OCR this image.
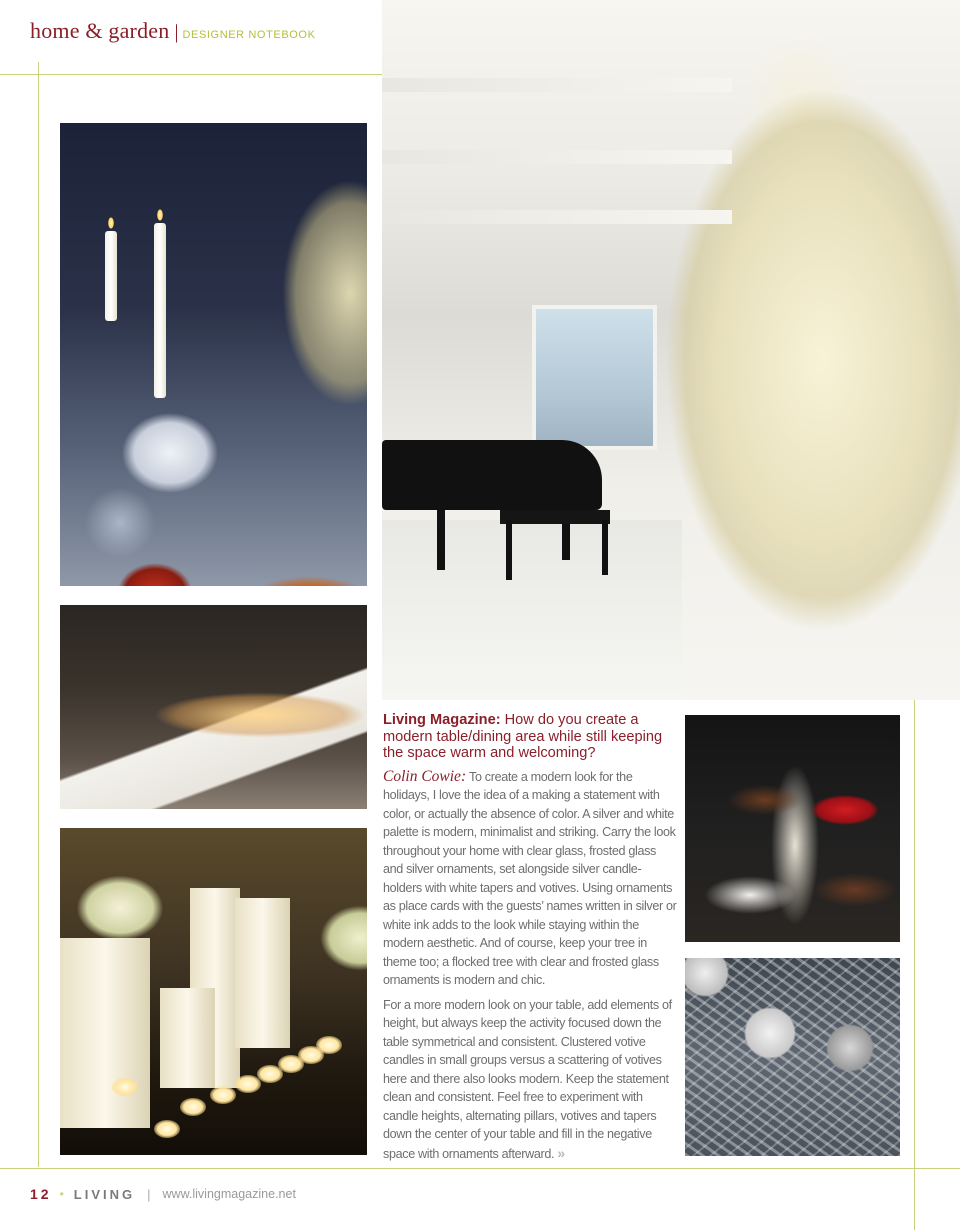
home & garden | DESIGNER NOTEBOOK

Living Magazine: How do you create a modern table/dining area while still keeping the space warm and welcoming?

Colin Cowie: To create a modern look for the holidays, I love the idea of a making a statement with color, or actually the absence of color. A silver and white palette is modern, minimalist and striking. Carry the look throughout your home with clear glass, frosted glass and silver ornaments, set alongside silver candle-holders with white tapers and votives. Using ornaments as place cards with the guests’ names written in silver or white ink adds to the look while staying within the modern aesthetic. And of course, keep your tree in theme too; a flocked tree with clear and frosted glass ornaments is modern and chic.

For a more modern look on your table, add elements of height, but always keep the activity focused down the table symmetrical and consistent. Clustered votive candles in small groups versus a scattering of votives here and there also looks modern. Keep the statement clean and consistent. Feel free to experiment with candle heights, alternating pillars, votives and tapers down the center of your table and fill in the negative space with ornaments afterward. »

12 • LIVING | www.livingmagazine.net
